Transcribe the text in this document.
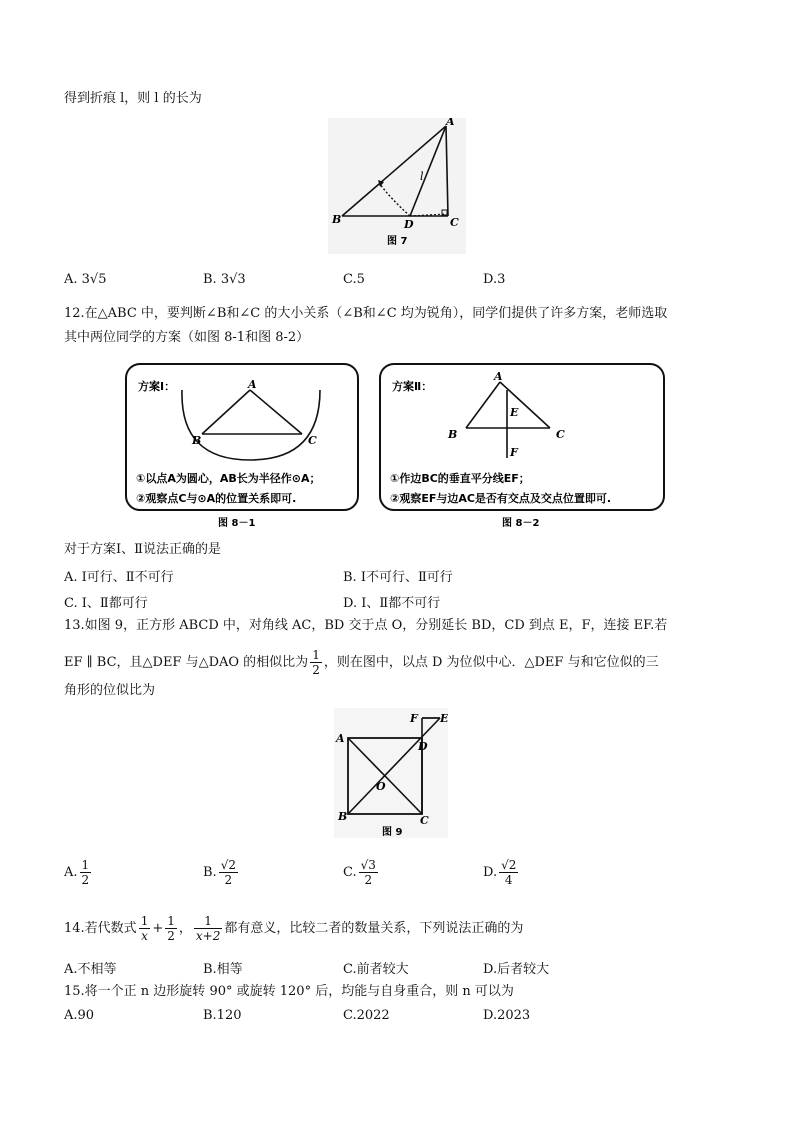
得到折痕 l，则 l 的长为
A
B	C
D
l
图 7
A. 3√5	B. 3√3	C.5	D.3
12.在△ABC 中，要判断∠B和∠C 的大小关系（∠B和∠C 均为锐角），同学们提供了许多方案，老师选取
其中两位同学的方案（如图 8-1和图 8-2）
方案Ⅰ：	A
B	C
①以点A为圆心，AB长为半径作⊙A；
②观察点C与⊙A的位置关系即可.
图 8－1
方案Ⅱ：
A
B	C
E
F
①作边BC的垂直平分线EF；
②观察EF与边AC是否有交点及交点位置即可.
图 8－2
对于方案Ⅰ、Ⅱ说法正确的是
A. Ⅰ可行、Ⅱ不可行	B. Ⅰ不可行、Ⅱ可行
C. Ⅰ、Ⅱ都可行	D. Ⅰ、Ⅱ都不可行
13.如图 9，正方形 ABCD 中，对角线 AC，BD 交于点 O，分别延长 BD，CD 到点 E，F，连接 EF.若
EF ∥ BC，且△DEF 与△DAO 的相似比为 $\frac{1}{2}$ ，则在图中，以点 D 为位似中心．△DEF 与和它位似的三
角形的位似比为
A
B	C
D
E
F
O
图 9
A. $\frac{1}{2}$	B. $\frac{√2}{2}$	C. $\frac{√3}{2}$	D. $\frac{√2}{4}$
14.若代数式 $\frac{1}{x} + \frac{1}{2}$ ， $\frac{1}{x+2}$ 都有意义，比较二者的数量关系，下列说法正确的为
A.不相等	B.相等	C.前者较大	D.后者较大
15.将一个正 n 边形旋转 90° 或旋转 120° 后，均能与自身重合，则 n 可以为
A.90	B.120	C.2022	D.2023
